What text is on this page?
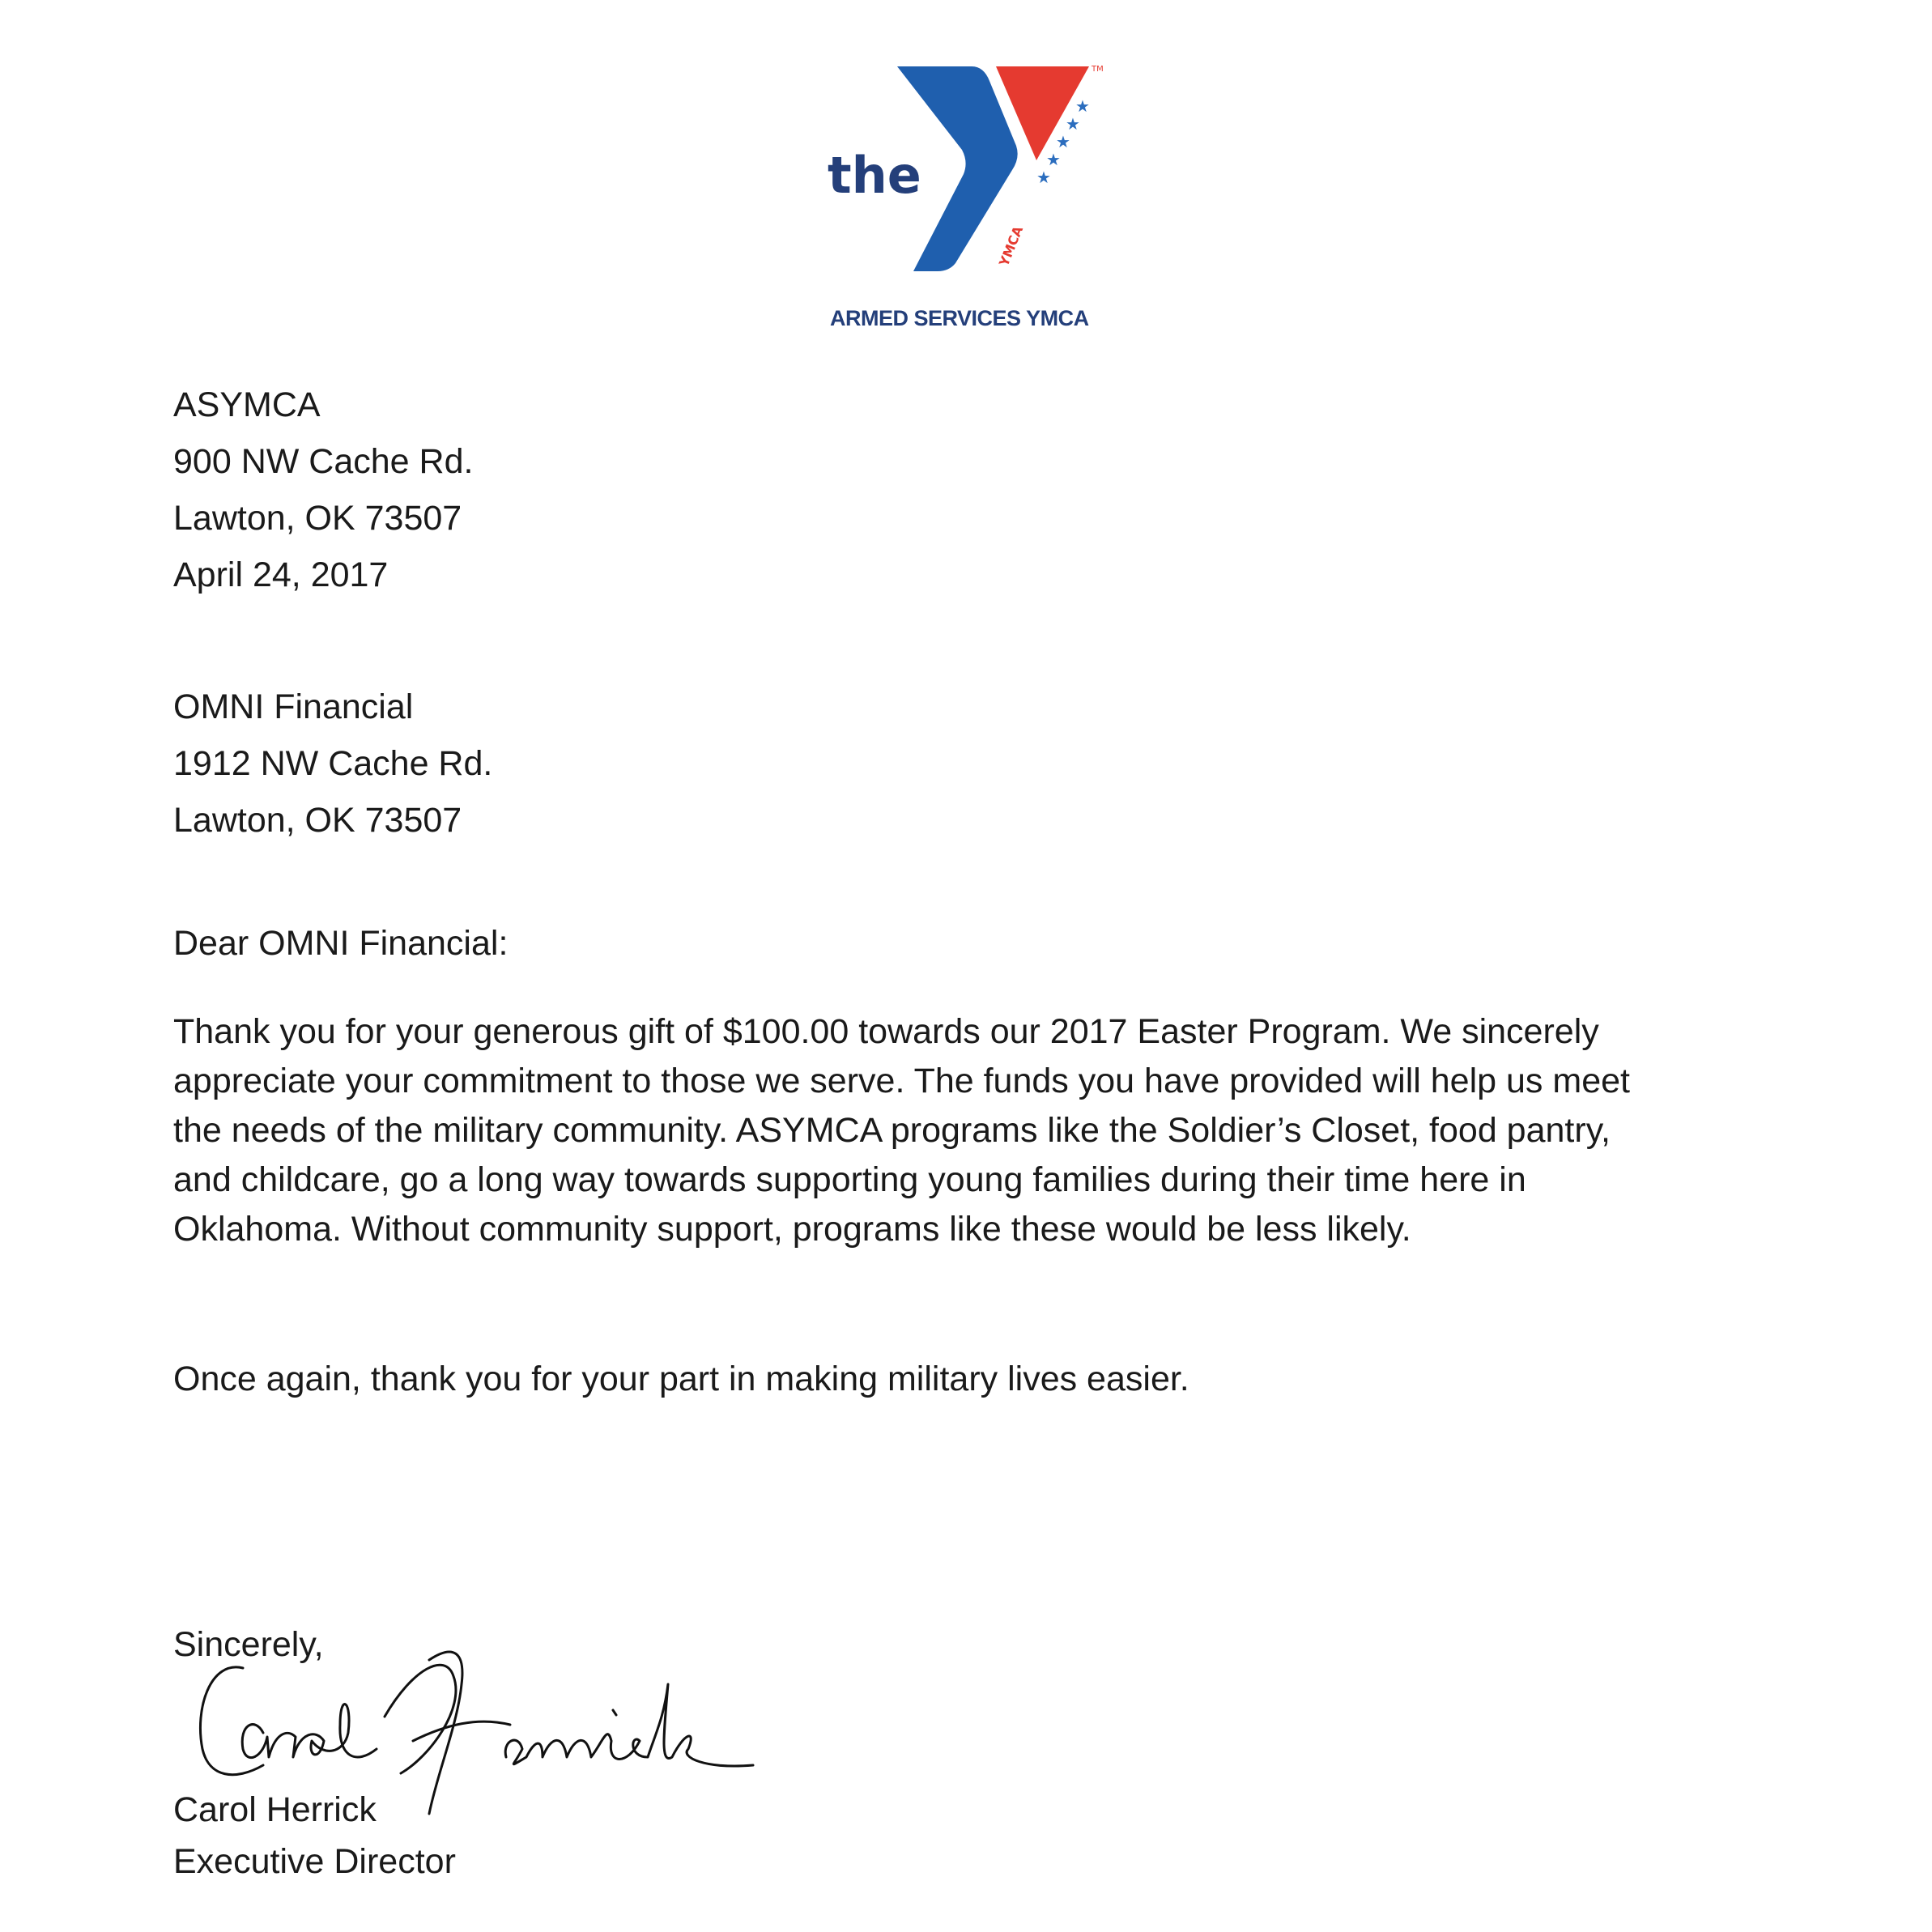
★
★
★
★
★
the
YMCA
TM
ARMED SERVICES YMCA
ASYMCA
900 NW Cache Rd.
Lawton, OK 73507
April 24, 2017
OMNI Financial
1912 NW Cache Rd.
Lawton, OK 73507
Dear OMNI Financial:
Thank you for your generous gift of $100.00 towards our 2017 Easter Program. We sincerely
appreciate your commitment to those we serve. The funds you have provided will help us meet
the needs of the military community. ASYMCA programs like the Soldier’s Closet, food pantry,
and childcare, go a long way towards supporting young families during their time here in
Oklahoma. Without community support, programs like these would be less likely.
Once again, thank you for your part in making military lives easier.
Sincerely,
Carol Herrick
Executive Director
